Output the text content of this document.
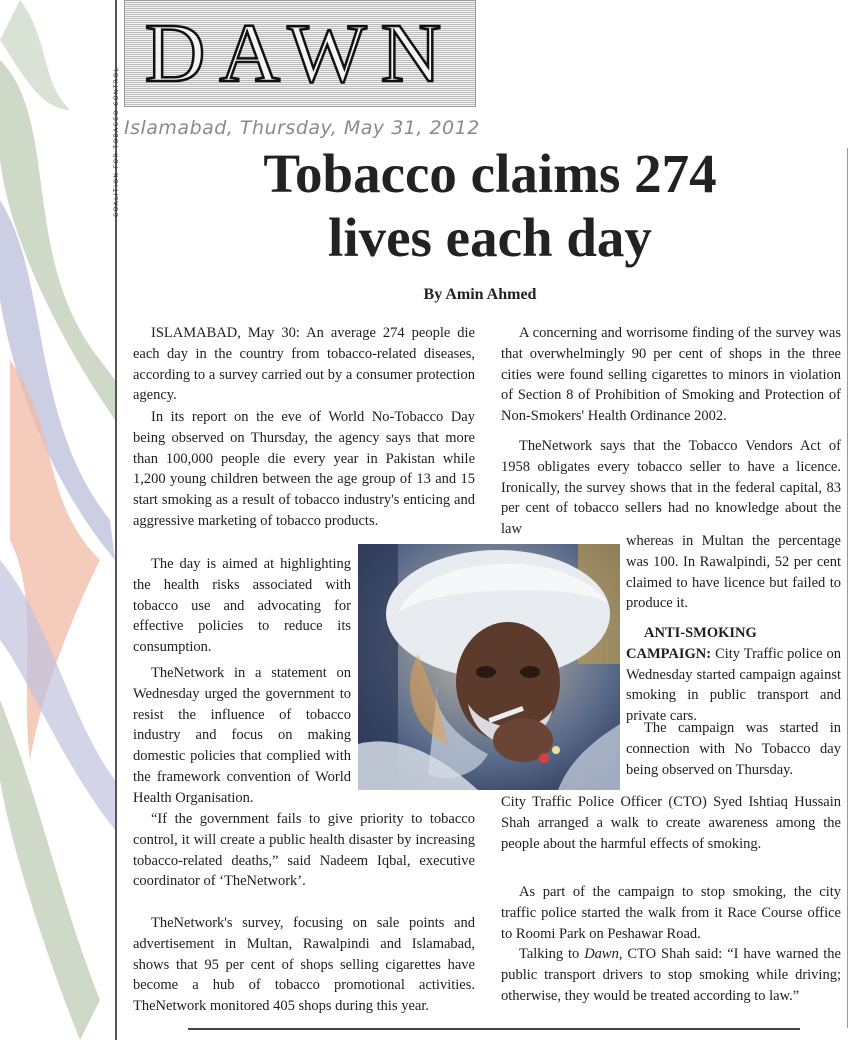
COALITION FOR TOBACCO CONTROL
DAWN
Islamabad, Thursday, May 31, 2012
Tobacco claims 274
lives each day
By Amin Ahmed

ISLAMABAD, May 30: An average 274 people die each day in the country from tobacco-related diseases, according to a survey carried out by a consumer protection agency.

In its report on the eve of World No-Tobacco Day being observed on Thursday, the agency says that more than 100,000 people die every year in Pakistan while 1,200 young children between the age group of 13 and 15 start smoking as a result of tobacco industry's enticing and aggressive marketing of tobacco products.

The day is aimed at highlighting the health risks associated with tobacco use and advocating for effective policies to reduce its consumption.

TheNetwork in a statement on Wednesday urged the government to resist the influence of tobacco industry and focus on making domestic policies that complied with the framework convention of World Health Organisation.

“If the government fails to give priority to tobacco control, it will create a public health disaster by increasing tobacco-related deaths,” said Nadeem Iqbal, executive coordinator of ‘TheNetwork’.

TheNetwork's survey, focusing on sale points and advertisement in Multan, Rawalpindi and Islamabad, shows that 95 per cent of shops selling cigarettes have become a hub of tobacco promotional activities. TheNetwork monitored 405 shops during this year.

A concerning and worrisome finding of the survey was that overwhelmingly 90 per cent of shops in the three cities were found selling cigarettes to minors in violation of Section 8 of Prohibition of Smoking and Protection of Non-Smokers' Health Ordinance 2002.

TheNetwork says that the Tobacco Vendors Act of 1958 obligates every tobacco seller to have a licence. Ironically, the survey shows that in the federal capital, 83 per cent of tobacco sellers had no knowledge about the law

whereas in Multan the percentage was 100. In Rawalpindi, 52 per cent claimed to have licence but failed to produce it.

ANTI-SMOKING CAMPAIGN: City Traffic police on Wednesday started campaign against smoking in public transport and private cars.

The campaign was started in connection with No Tobacco day being observed on Thursday.

City Traffic Police Officer (CTO) Syed Ishtiaq Hussain Shah arranged a walk to create awareness among the people about the harmful effects of smoking.

As part of the campaign to stop smoking, the city traffic police started the walk from it Race Course office to Roomi Park on Peshawar Road.

Talking to Dawn, CTO Shah said: “I have warned the public transport drivers to stop smoking while driving; otherwise, they would be treated according to law.”
